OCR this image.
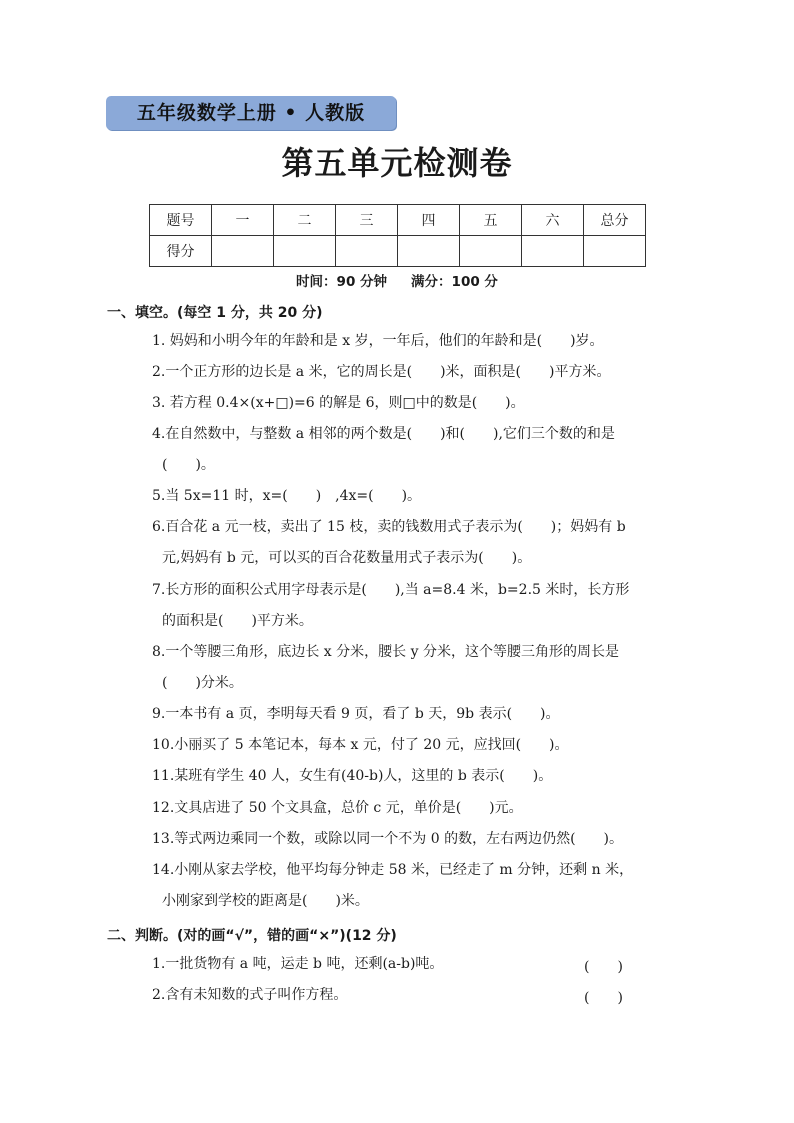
五年级数学上册 • 人教版
第五单元检测卷
题号	一	二	三	四	五	六	总分
得分							
时间：90 分钟 满分：100 分
一、填空。(每空 1 分，共 20 分)
1. 妈妈和小明今年的年龄和是 x 岁，一年后，他们的年龄和是(　　)岁。
2.一个正方形的边长是 a 米，它的周长是(　　)米，面积是(　　)平方米。
3. 若方程 0.4×(x+□)=6 的解是 6，则□中的数是(　　)。
4.在自然数中，与整数 a 相邻的两个数是(　　)和(　　),它们三个数的和是
(　　)。
5.当 5x=11 时，x=(　　)　,4x=(　　)。
6.百合花 a 元一枝，卖出了 15 枝，卖的钱数用式子表示为(　　)；妈妈有 b
元,妈妈有 b 元，可以买的百合花数量用式子表示为(　　)。
7.长方形的面积公式用字母表示是(　　),当 a=8.4 米，b=2.5 米时，长方形
的面积是(　　)平方米。
8.一个等腰三角形，底边长 x 分米，腰长 y 分米，这个等腰三角形的周长是
(　　)分米。
9.一本书有 a 页，李明每天看 9 页，看了 b 天，9b 表示(　　)。
10.小丽买了 5 本笔记本，每本 x 元，付了 20 元，应找回(　　)。
11.某班有学生 40 人，女生有(40-b)人，这里的 b 表示(　　)。
12.文具店进了 50 个文具盒，总价 c 元，单价是(　　)元。
13.等式两边乘同一个数，或除以同一个不为 0 的数，左右两边仍然(　　)。
14.小刚从家去学校，他平均每分钟走 58 米，已经走了 m 分钟，还剩 n 米，
小刚家到学校的距离是(　　)米。
二、判断。(对的画“√”，错的画“×”)(12 分)
1.一批货物有 a 吨，运走 b 吨，还剩(a-b)吨。	(　　)
2.含有未知数的式子叫作方程。	(　　)
